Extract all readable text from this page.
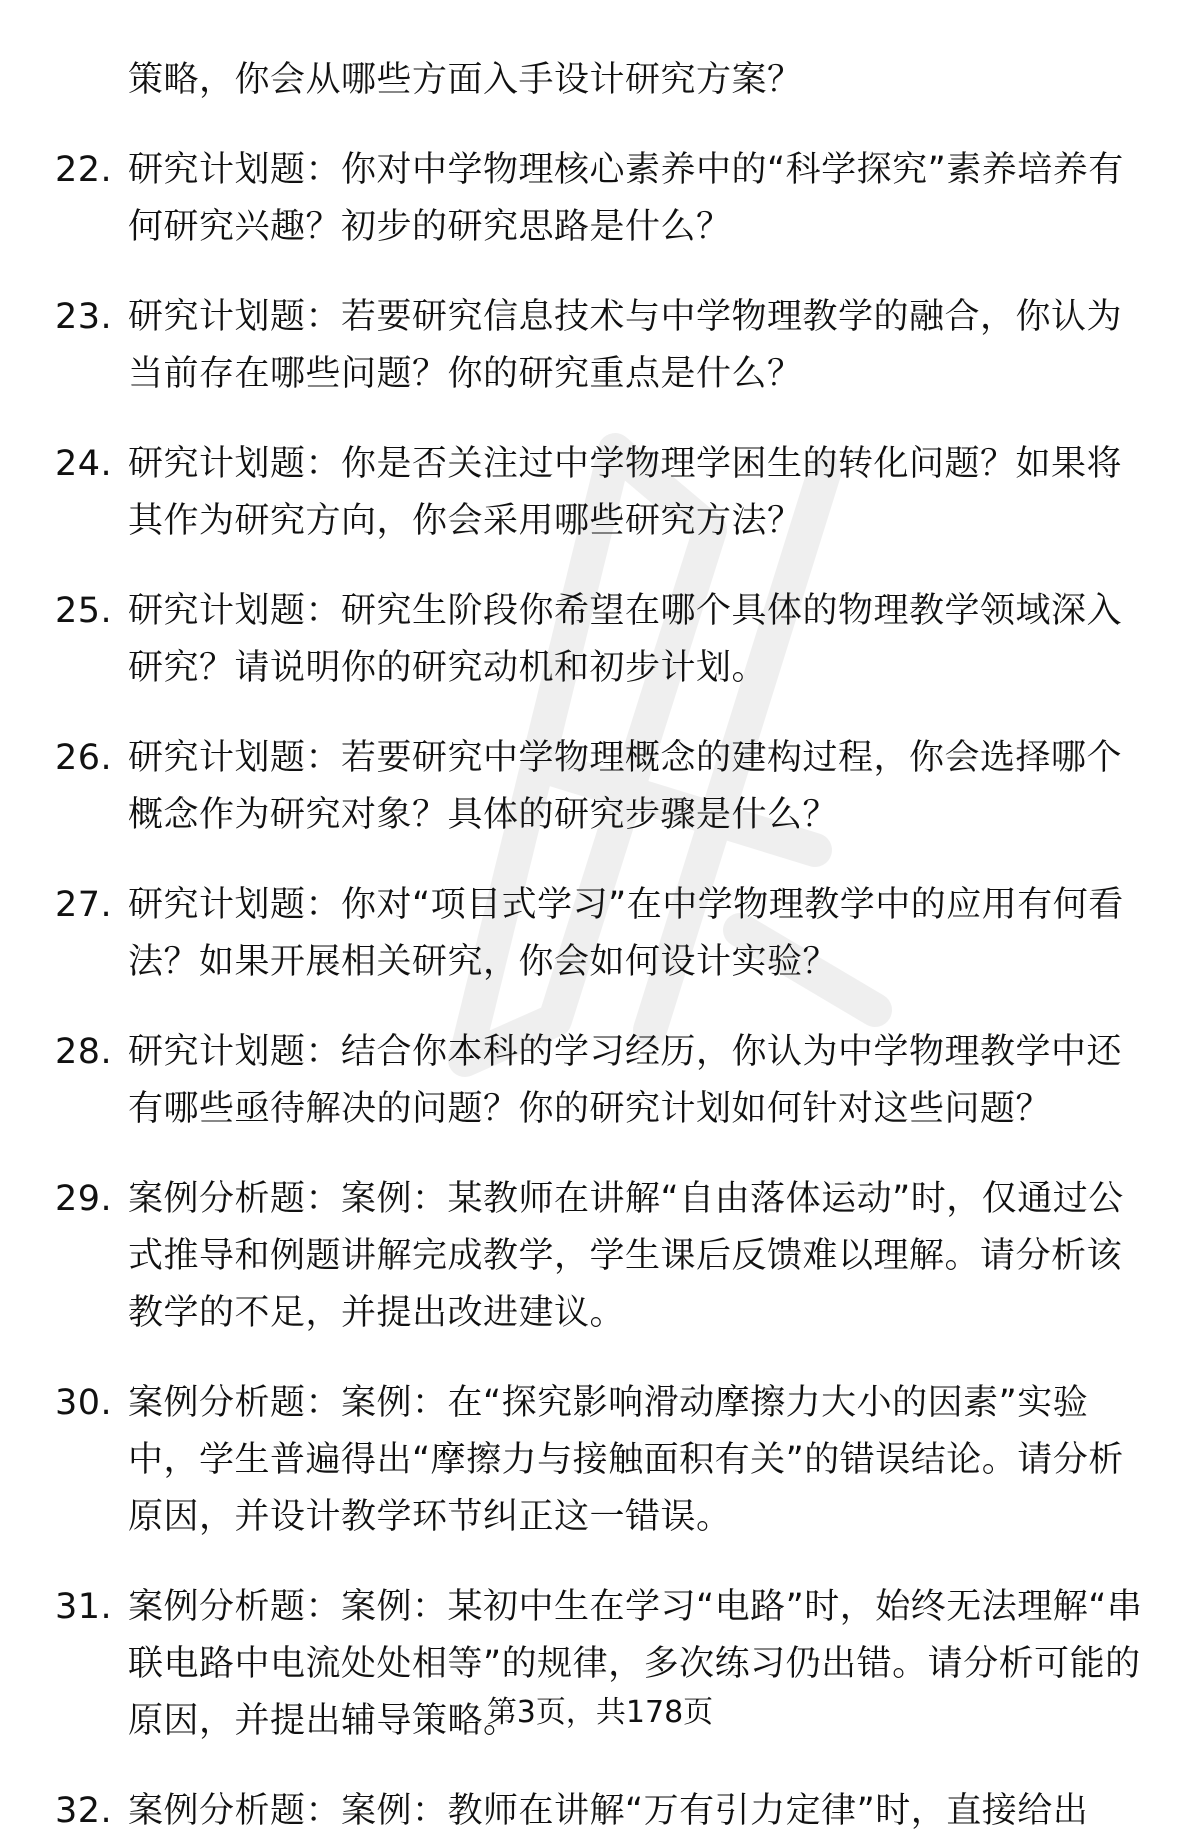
策略，你会从哪些方面入手设计研究方案？

22. 研究计划题：你对中学物理核心素养中的“科学探究”素养培养有何研究兴趣？初步的研究思路是什么？
23. 研究计划题：若要研究信息技术与中学物理教学的融合，你认为当前存在哪些问题？你的研究重点是什么？
24. 研究计划题：你是否关注过中学物理学困生的转化问题？如果将其作为研究方向，你会采用哪些研究方法？
25. 研究计划题：研究生阶段你希望在哪个具体的物理教学领域深入研究？请说明你的研究动机和初步计划。
26. 研究计划题：若要研究中学物理概念的建构过程，你会选择哪个概念作为研究对象？具体的研究步骤是什么？
27. 研究计划题：你对“项目式学习”在中学物理教学中的应用有何看法？如果开展相关研究，你会如何设计实验？
28. 研究计划题：结合你本科的学习经历，你认为中学物理教学中还有哪些亟待解决的问题？你的研究计划如何针对这些问题？
29. 案例分析题：案例：某教师在讲解“自由落体运动”时，仅通过公式推导和例题讲解完成教学，学生课后反馈难以理解。请分析该教学的不足，并提出改进建议。
30. 案例分析题：案例：在“探究影响滑动摩擦力大小的因素”实验中，学生普遍得出“摩擦力与接触面积有关”的错误结论。请分析原因，并设计教学环节纠正这一错误。
31. 案例分析题：案例：某初中生在学习“电路”时，始终无法理解“串联电路中电流处处相等”的规律，多次练习仍出错。请分析可能的原因，并提出辅导策略。
32. 案例分析题：案例：教师在讲解“万有引力定律”时，直接给出
第3页，共178页
